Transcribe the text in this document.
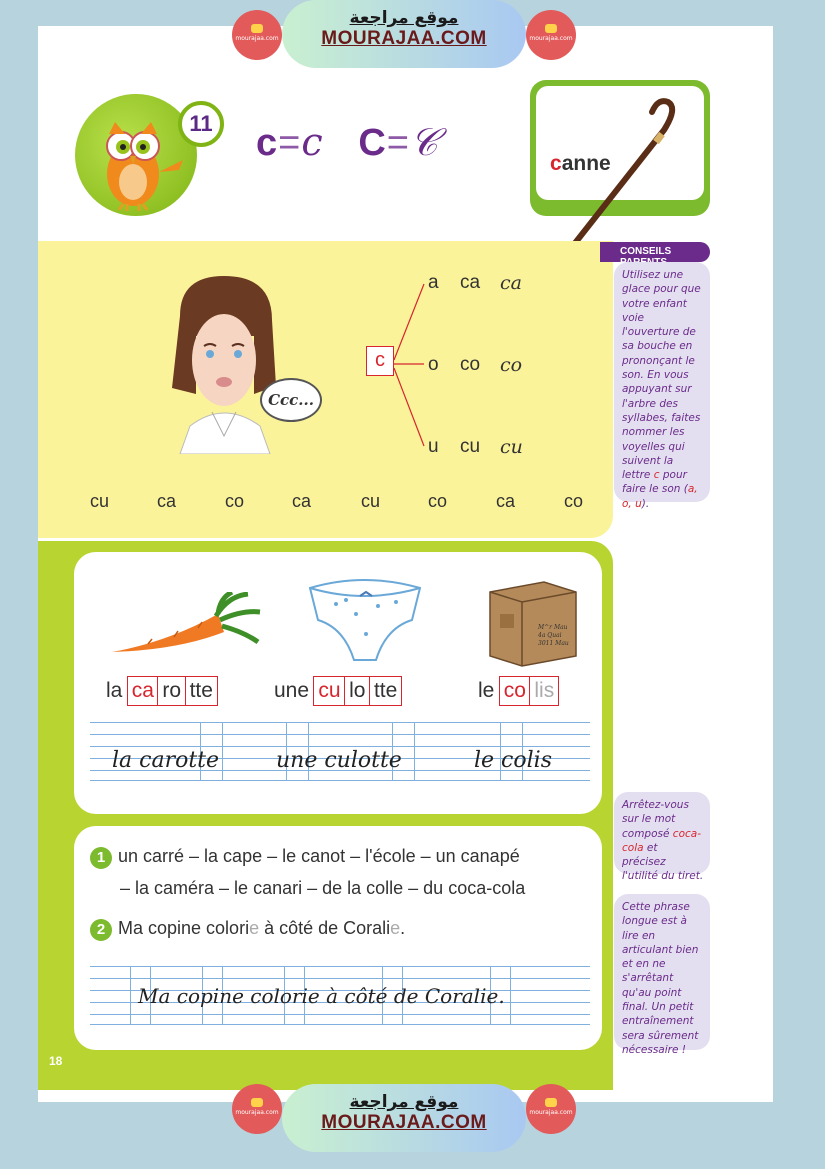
mourajaa.com
موقع مراجعة
MOURAJAA.COM	mourajaa.com
11 c=c C=𝒞	canne
Ccc...
c
a ca ca
o co co
u cu cu
cu	ca	co	ca	cu	co	ca	co
CONSEILS
Utilisez une glace pour que votre enfant voie l'ouverture de sa bouche en prononçant le son. En vous appuyant sur l'arbre des syllabes, faites nommer les voyelles qui suivent la lettre c pour faire le son (a, o, u).
Arrêtez-vous sur le mot composé coca-cola et précisez l'utilité du tiret.
Cette phrase longue est à lire en articulant bien et en ne s'arrêtant qu'au point final. Un petit entraînement sera sûrement nécessaire !
M^r Mau
4a Quai
3011 Mau
la ca ro tte	une cu lo tte	le co lis
la carotte	une culotte	le colis
1 un carré – la cape – le canot – l'école – un canapé
– la caméra – le canari – de la colle – du coca-cola
2 Ma copine colorie à côté de Coralie.
Ma copine colorie à côté de Coralie.
18
mourajaa.com
موقع مراجعة
MOURAJAA.COM	mourajaa.com
